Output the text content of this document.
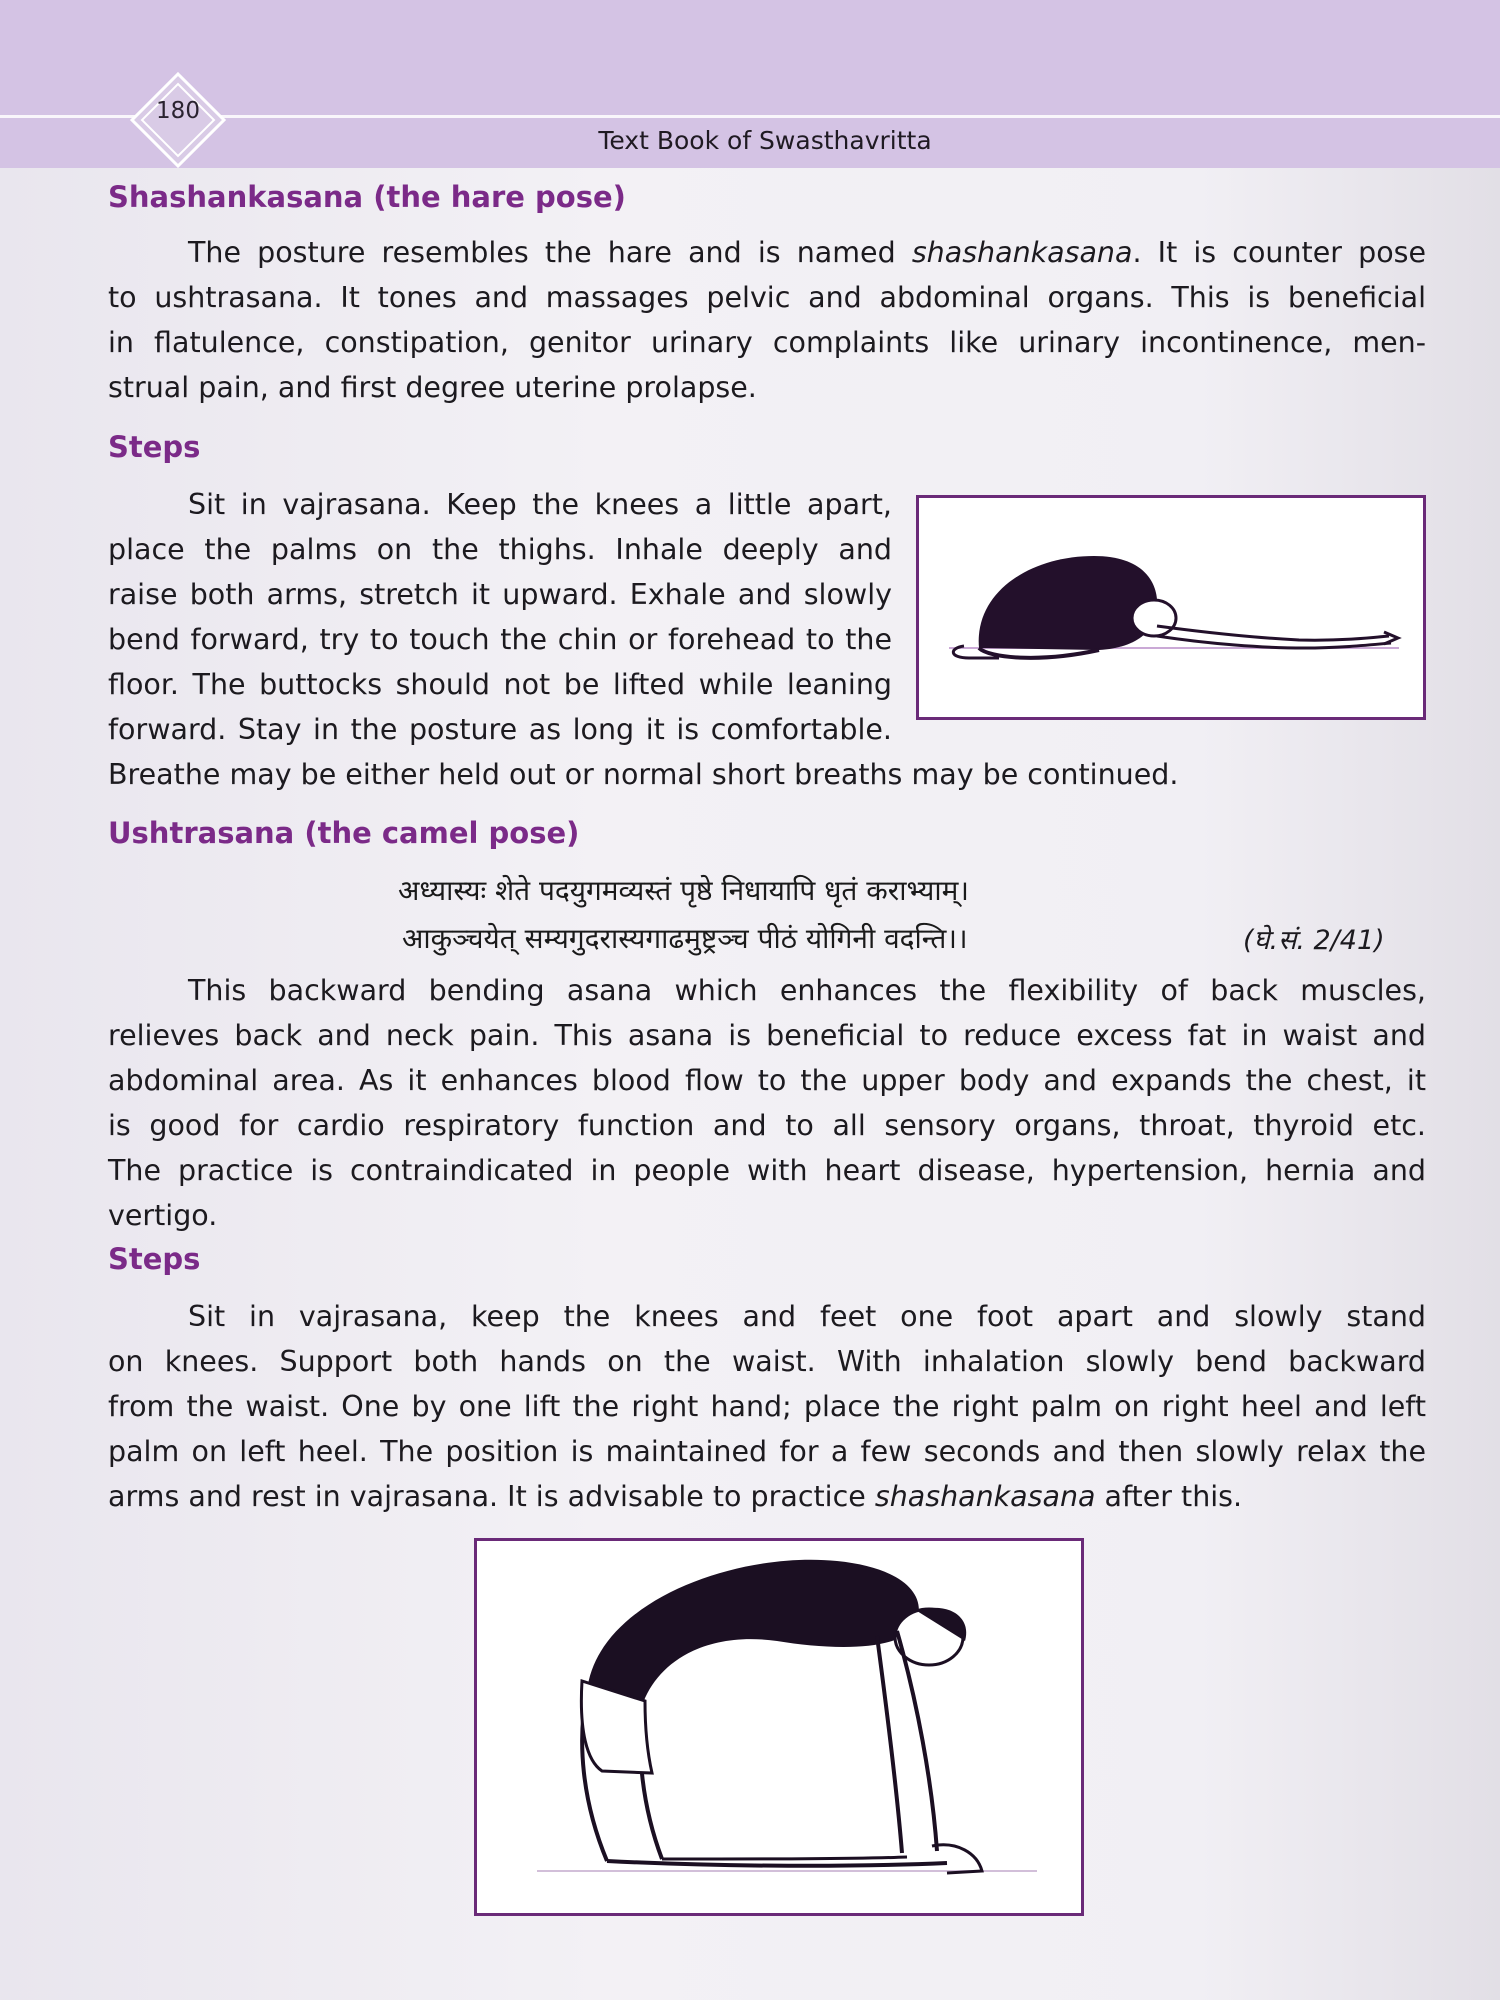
180
Text Book of Swasthavritta
Shashankasana (the hare pose)
The posture resembles the hare and is named shashankasana. It is counter pose
to ushtrasana. It tones and massages pelvic and abdominal organs. This is beneficial
in flatulence, constipation, genitor urinary complaints like urinary incontinence, men-
strual pain, and first degree uterine prolapse.
Steps
Sit in vajrasana. Keep the knees a little apart,
place the palms on the thighs. Inhale deeply and
raise both arms, stretch it upward. Exhale and slowly
bend forward, try to touch the chin or forehead to the
floor. The buttocks should not be lifted while leaning
forward. Stay in the posture as long it is comfortable.
Breathe may be either held out or normal short breaths may be continued.
Ushtrasana (the camel pose)
अध्यास्यः शेते पदयुगमव्यस्तं पृष्ठे निधायापि धृतं कराभ्याम्।
आकुञ्चयेत् सम्यगुदरास्यगाढमुष्ट्रञ्च पीठं योगिनी वदन्ति।।	(घे.सं. 2/41)
This backward bending asana which enhances the flexibility of back muscles,
relieves back and neck pain. This asana is beneficial to reduce excess fat in waist and
abdominal area. As it enhances blood flow to the upper body and expands the chest, it
is good for cardio respiratory function and to all sensory organs, throat, thyroid etc.
The practice is contraindicated in people with heart disease, hypertension, hernia and
vertigo.
Steps
Sit in vajrasana, keep the knees and feet one foot apart and slowly stand
on knees. Support both hands on the waist. With inhalation slowly bend backward
from the waist. One by one lift the right hand; place the right palm on right heel and left
palm on left heel. The position is maintained for a few seconds and then slowly relax the
arms and rest in vajrasana. It is advisable to practice shashankasana after this.
